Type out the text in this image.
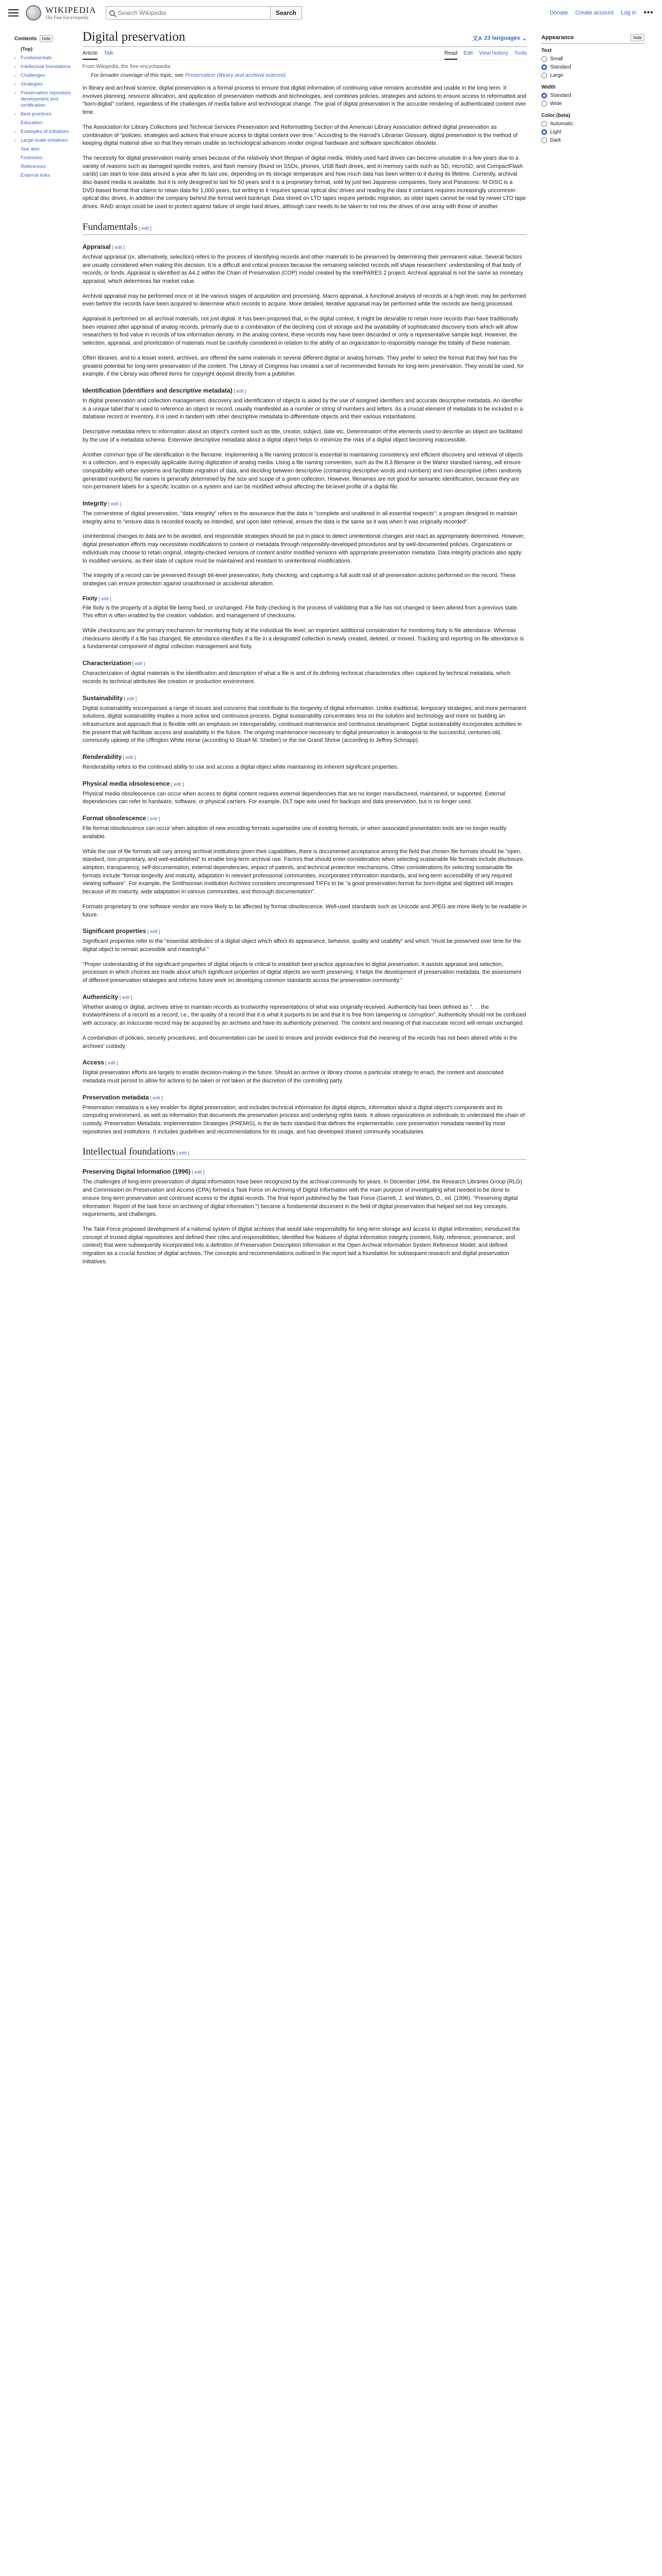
WIKIPEDIA
The Free Encyclopedia
Search Wikipedia
Search	Donate Create account Log in •••
Contents	hide
(Top)
› Fundamentals
› Intellectual foundations
› Challenges
› Strategies
› Preservation repository development and certification
› Best practices
Education
› Examples of initiatives
› Large-scale initiatives
See also
Footnotes
References
External links
Digital preservation	文A 23 languages ⌄
Article Talk	Read Edit View history Tools
From Wikipedia, the free encyclopedia
For broader coverage of this topic, see Preservation (library and archival science)

In library and archival science, digital preservation is a formal process to ensure that digital information of continuing value remains accessible and usable in the long term. It involves planning, resource allocation, and application of preservation methods and technologies, and combines policies, strategies and actions to ensure access to reformatted and "born-digital" content, regardless of the challenges of media failure and technological change. The goal of digital preservation is the accurate rendering of authenticated content over time.

The Association for Library Collections and Technical Services Preservation and Reformatting Section of the American Library Association defined digital preservation as combination of "policies, strategies and actions that ensure access to digital content over time." According to the Harrod's Librarian Glossary, digital preservation is the method of keeping digital material alive so that they remain usable as technological advances render original hardware and software specification obsolete.

The necessity for digital preservation mainly arises because of the relatively short lifespan of digital media. Widely used hard drives can become unusable in a few years due to a variety of reasons such as damaged spindle motors, and flash memory (found on SSDs, phones, USB flash drives, and in memory cards such as SD, microSD, and CompactFlash cards) can start to lose data around a year after its last use, depending on its storage temperature and how much data has been written to it during its lifetime. Currently, archival disc-based media is available, but it is only designed to last for 50 years and it is a proprietary format, sold by just two Japanese companies, Sony and Panasonic. M-DISC is a DVD-based format that claims to retain data for 1,000 years, but writing to it requires special optical disc drives and reading the data it contains requires increasingly uncommon optical disc drives, in addition the company behind the format went bankrupt. Data stored on LTO tapes require periodic migration, as older tapes cannot be read by newer LTO tape drives. RAID arrays could be used to protect against failure of single hard drives, although care needs to be taken to not mix the drives of one array with those of another.

Fundamentals [ edit ]
Appraisal [ edit ]

Archival appraisal (or, alternatively, selection) refers to the process of identifying records and other materials to be preserved by determining their permanent value. Several factors are usually considered when making this decision. It is a difficult and critical process because the remaining selected records will shape researchers' understanding of that body of records, or fonds. Appraisal is identified as A4.2 within the Chain of Preservation (COP) model created by the InterPARES 2 project. Archival appraisal is not the same as monetary appraisal, which determines fair market value.

Archival appraisal may be performed once or at the various stages of acquisition and processing. Macro appraisal, a functional analysis of records at a high level, may be performed even before the records have been acquired to determine which records to acquire. More detailed, iterative appraisal may be performed while the records are being processed.

Appraisal is performed on all archival materials, not just digital. It has been proposed that, in the digital context, it might be desirable to retain more records than have traditionally been retained after appraisal of analog records, primarily due to a combination of the declining cost of storage and the availability of sophisticated discovery tools which will allow researchers to find value in records of low information density. In the analog context, these records may have been discarded or only a representative sample kept. However, the selection, appraisal, and prioritization of materials must be carefully considered in relation to the ability of an organization to responsibly manage the totality of these materials.

Often libraries, and to a lesser extent, archives, are offered the same materials in several different digital or analog formats. They prefer to select the format that they feel has the greatest potential for long-term preservation of the content. The Library of Congress has created a set of recommended formats for long-term preservation. They would be used, for example, if the Library was offered items for copyright deposit directly from a publisher.

Identification (identifiers and descriptive metadata) [ edit ]

In digital preservation and collection management, discovery and identification of objects is aided by the use of assigned identifiers and accurate descriptive metadata. An identifier is a unique label that is used to reference an object or record, usually manifested as a number or string of numbers and letters. As a crucial element of metadata to be included in a database record or inventory, it is used in tandem with other descriptive metadata to differentiate objects and their various instantiations.

Descriptive metadata refers to information about an object's content such as title, creator, subject, date etc. Determination of the elements used to describe an object are facilitated by the use of a metadata schema. Extensive descriptive metadata about a digital object helps to minimize the risks of a digital object becoming inaccessible.

Another common type of file identification is the filename. Implementing a file naming protocol is essential to maintaining consistency and efficient discovery and retrieval of objects in a collection, and is especially applicable during digitization of analog media. Using a file naming convention, such as the 8.3 filename or the Warez standard naming, will ensure compatibility with other systems and facilitate migration of data, and deciding between descriptive (containing descriptive words and numbers) and non-descriptive (often randomly generated numbers) file names is generally determined by the size and scope of a given collection. However, filenames are not good for semantic identification, because they are non-permanent labels for a specific location on a system and can be modified without affecting the bit-level profile of a digital file.

Integrity [ edit ]

The cornerstone of digital preservation, "data integrity" refers to the assurance that the data is "complete and unaltered in all essential respects"; a program designed to maintain integrity aims to "ensure data is recorded exactly as intended, and upon later retrieval, ensure the data is the same as it was when it was originally recorded".

Unintentional changes to data are to be avoided, and responsible strategies should be put in place to detect unintentional changes and react as appropriately determined. However, digital preservation efforts may necessitate modifications to content or metadata through responsibly-developed procedures and by well-documented policies. Organizations or individuals may choose to retain original, integrity-checked versions of content and/or modified versions with appropriate preservation metadata. Data integrity practices also apply to modified versions, as their state of capture must be maintained and resistant to unintentional modifications.

The integrity of a record can be preserved through bit-level preservation, fixity checking, and capturing a full audit trail of all preservation actions performed on the record. These strategies can ensure protection against unauthorised or accidental alteration.

Fixity [ edit ]

File fixity is the property of a digital file being fixed, or unchanged. File fixity checking is the process of validating that a file has not changed or been altered from a previous state. This effort is often enabled by the creation, validation, and management of checksums.

While checksums are the primary mechanism for monitoring fixity at the individual file level, an important additional consideration for monitoring fixity is file attendance. Whereas checksums identify if a file has changed, file attendance identifies if a file in a designated collection is newly created, deleted, or moved. Tracking and reporting on file attendance is a fundamental component of digital collection management and fixity.

Characterization [ edit ]

Characterization of digital materials is the identification and description of what a file is and of its defining technical characteristics often captured by technical metadata, which records its technical attributes like creation or production environment.

Sustainability [ edit ]

Digital sustainability encompasses a range of issues and concerns that contribute to the longevity of digital information. Unlike traditional, temporary strategies, and more permanent solutions, digital sustainability implies a more active and continuous process. Digital sustainability concentrates less on the solution and technology and more on building an infrastructure and approach that is flexible with an emphasis on interoperability, continued maintenance and continuous development. Digital sustainability incorporates activities in the present that will facilitate access and availability in the future. The ongoing maintenance necessary to digital preservation is analogous to the successful, centuries-old, community upkeep of the Uffington White Horse (according to Stuart M. Shieber) or the Ise Grand Shrine (according to Jeffrey Schnapp).

Renderability [ edit ]

Renderability refers to the continued ability to use and access a digital object while maintaining its inherent significant properties.

Physical media obsolescence [ edit ]

Physical media obsolescence can occur when access to digital content requires external dependencies that are no longer manufactured, maintained, or supported. External dependencies can refer to hardware, software, or physical carriers. For example, DLT tape was used for backups and data preservation, but is no longer used.

Format obsolescence [ edit ]

File format obsolescence can occur when adoption of new encoding formats supersedes use of existing formats, or when associated presentation tools are no longer readily available.

While the use of file formats will vary among archival institutions given their capabilities, there is documented acceptance among the field that chosen file formats should be "open, standard, non-proprietary, and well-established" to enable long-term archival use. Factors that should enter consideration when selecting sustainable file formats include disclosure, adoption, transparency, self-documentation, external dependencies, impact of patents, and technical protection mechanisms. Other considerations for selecting sustainable file formats include "format longevity and maturity, adaptation in relevant professional communities, incorporated information standards, and long-term accessibility of any required viewing software". For example, the Smithsonian Institution Archives considers uncompressed TIFFs to be "a good preservation format for born-digital and digitized still images because of its maturity, wide adaptation in various communities, and thorough documentation".

Formats proprietary to one software vendor are more likely to be affected by format obsolescence. Well-used standards such as Unicode and JPEG are more likely to be readable in future.

Significant properties [ edit ]

Significant properties refer to the "essential attributes of a digital object which affect its appearance, behavior, quality and usability" and which "must be preserved over time for the digital object to remain accessible and meaningful."

"Proper understanding of the significant properties of digital objects is critical to establish best practice approaches to digital preservation. It assists appraisal and selection, processes in which choices are made about which significant properties of digital objects are worth preserving; it helps the development of preservation metadata, the assessment of different preservation strategies and informs future work on developing common standards across the preservation community."

Authenticity [ edit ]

Whether analog or digital, archives strive to maintain records as trustworthy representations of what was originally received. Authenticity has been defined as ". . . the trustworthiness of a record as a record; i.e., the quality of a record that it is what it purports to be and that it is free from tampering or corruption". Authenticity should not be confused with accuracy; an inaccurate record may be acquired by an archives and have its authenticity preserved. The content and meaning of that inaccurate record will remain unchanged.

A combination of policies, security procedures, and documentation can be used to ensure and provide evidence that the meaning of the records has not been altered while in the archives' custody.

Access [ edit ]

Digital preservation efforts are largely to enable decision-making in the future. Should an archive or library choose a particular strategy to enact, the content and associated metadata must persist to allow for actions to be taken or not taken at the discretion of the controlling party.

Preservation metadata [ edit ]

Preservation metadata is a key enabler for digital preservation, and includes technical information for digital objects, information about a digital object's components and its computing environment, as well as information that documents the preservation process and underlying rights basis. It allows organizations or individuals to understand the chain of custody. Preservation Metadata: Implementation Strategies (PREMIS), is the de facto standard that defines the implementable, core preservation metadata needed by most repositories and institutions. It includes guidelines and recommendations for its usage, and has developed shared community vocabularies.

Intellectual foundations [ edit ]
Preserving Digital Information (1996) [ edit ]

The challenges of long-term preservation of digital information have been recognized by the archival community for years. In December 1994, the Research Libraries Group (RLG) and Commission on Preservation and Access (CPA) formed a Task Force on Archiving of Digital Information with the main purpose of investigating what needed to be done to ensure long-term preservation and continued access to the digital records. The final report published by the Task Force (Garrett, J. and Waters, D., ed. (1996). "Preserving digital information: Report of the task force on archiving of digital information.") became a fundamental document in the field of digital preservation that helped set out key concepts, requirements, and challenges.

The Task Force proposed development of a national system of digital archives that would take responsibility for long-term storage and access to digital information; introduced the concept of trusted digital repositories and defined their roles and responsibilities; identified five features of digital information integrity (content, fixity, reference, provenance, and context) that were subsequently incorporated into a definition of Preservation Description Information in the Open Archival Information System Reference Model; and defined migration as a crucial function of digital archives. The concepts and recommendations outlined in the report laid a foundation for subsequent research and digital preservation initiatives.

Appearance	hide
Text
Small
Standard
Large
Width
Standard
Wide
Color (beta)
Automatic
Light
Dark
